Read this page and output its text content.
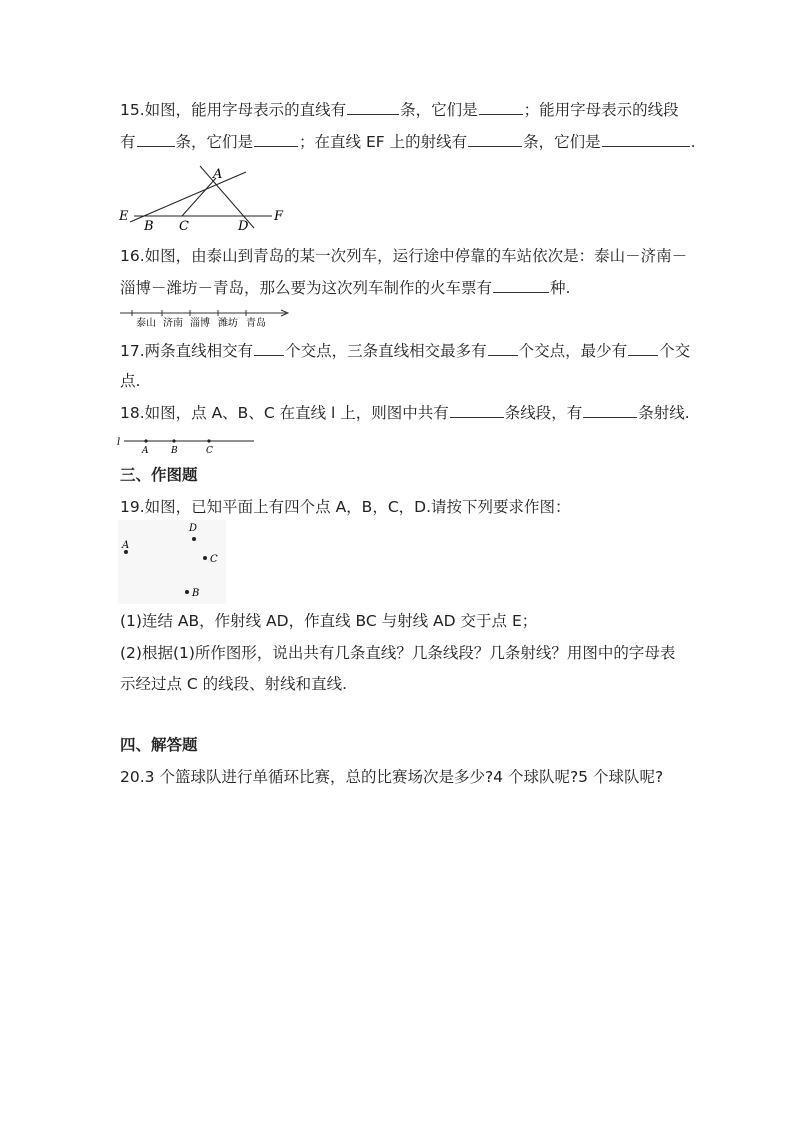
15.如图，能用字母表示的直线有	条，它们是	；能用字母表示的线段
有	条，它们是	；在直线 EF 上的射线有	条，它们是	.
A
E
B C	D
F
16.如图，由泰山到青岛的某一次列车，运行途中停靠的车站依次是：泰山－济南－
淄博－潍坊－青岛，那么要为这次列车制作的火车票有	种.
泰山 济南 淄博 潍坊 青岛
17.两条直线相交有 个交点，三条直线相交最多有 个交点，最少有 个交
点.
18.如图，点 A、B、C 在直线 l 上，则图中共有	条线段，有	条射线.
l
A	B	C
三、作图题
19.如图，已知平面上有四个点 A，B，C，D.请按下列要求作图：
D
A
C
B
(1)连结 AB，作射线 AD，作直线 BC 与射线 AD 交于点 E；
(2)根据(1)所作图形，说出共有几条直线？几条线段？几条射线？用图中的字母表
示经过点 C 的线段、射线和直线.
四、解答题
20.3 个篮球队进行单循环比赛，总的比赛场次是多少?4 个球队呢?5 个球队呢?
